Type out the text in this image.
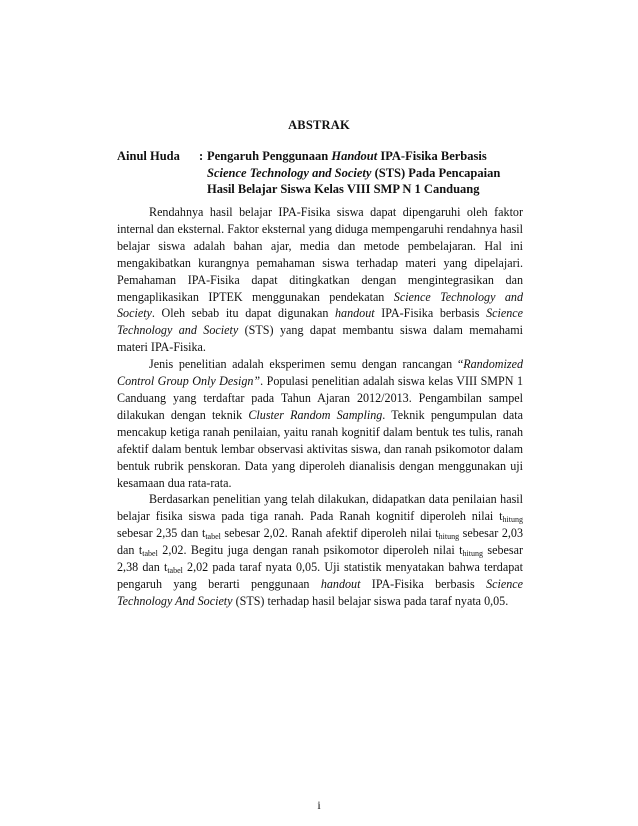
ABSTRAK
Ainul Huda : Pengaruh Penggunaan Handout IPA-Fisika Berbasis
Science Technology and Society (STS) Pada Pencapaian
Hasil Belajar Siswa Kelas VIII SMP N 1 Canduang

Rendahnya hasil belajar IPA-Fisika siswa dapat dipengaruhi oleh faktor internal dan eksternal. Faktor eksternal yang diduga mempengaruhi rendahnya hasil belajar siswa adalah bahan ajar, media dan metode pembelajaran. Hal ini mengakibatkan kurangnya pemahaman siswa terhadap materi yang dipelajari. Pemahaman IPA-Fisika dapat ditingkatkan dengan mengintegrasikan dan mengaplikasikan IPTEK menggunakan pendekatan Science Technology and Society. Oleh sebab itu dapat digunakan handout IPA-Fisika berbasis Science Technology and Society (STS) yang dapat membantu siswa dalam memahami materi IPA-Fisika.

Jenis penelitian adalah eksperimen semu dengan rancangan “Randomized Control Group Only Design”. Populasi penelitian adalah siswa kelas VIII SMPN 1 Canduang yang terdaftar pada Tahun Ajaran 2012/2013. Pengambilan sampel dilakukan dengan teknik Cluster Random Sampling. Teknik pengumpulan data mencakup ketiga ranah penilaian, yaitu ranah kognitif dalam bentuk tes tulis, ranah afektif dalam bentuk lembar observasi aktivitas siswa, dan ranah psikomotor dalam bentuk rubrik penskoran. Data yang diperoleh dianalisis dengan menggunakan uji kesamaan dua rata-rata.

Berdasarkan penelitian yang telah dilakukan, didapatkan data penilaian hasil belajar fisika siswa pada tiga ranah. Pada Ranah kognitif diperoleh nilai $t_{hitung}$ sebesar 2,35 dan $t_{tabel}$ sebesar 2,02. Ranah afektif diperoleh nilai $t_{hitung}$ sebesar 2,03 dan $t_{tabel}$ 2,02. Begitu juga dengan ranah psikomotor diperoleh nilai $t_{hitung}$ sebesar 2,38 dan $t_{tabel}$ 2,02 pada taraf nyata 0,05. Uji statistik menyatakan bahwa terdapat pengaruh yang berarti penggunaan handout IPA-Fisika berbasis Science Technology And Society (STS) terhadap hasil belajar siswa pada taraf nyata 0,05.

i
